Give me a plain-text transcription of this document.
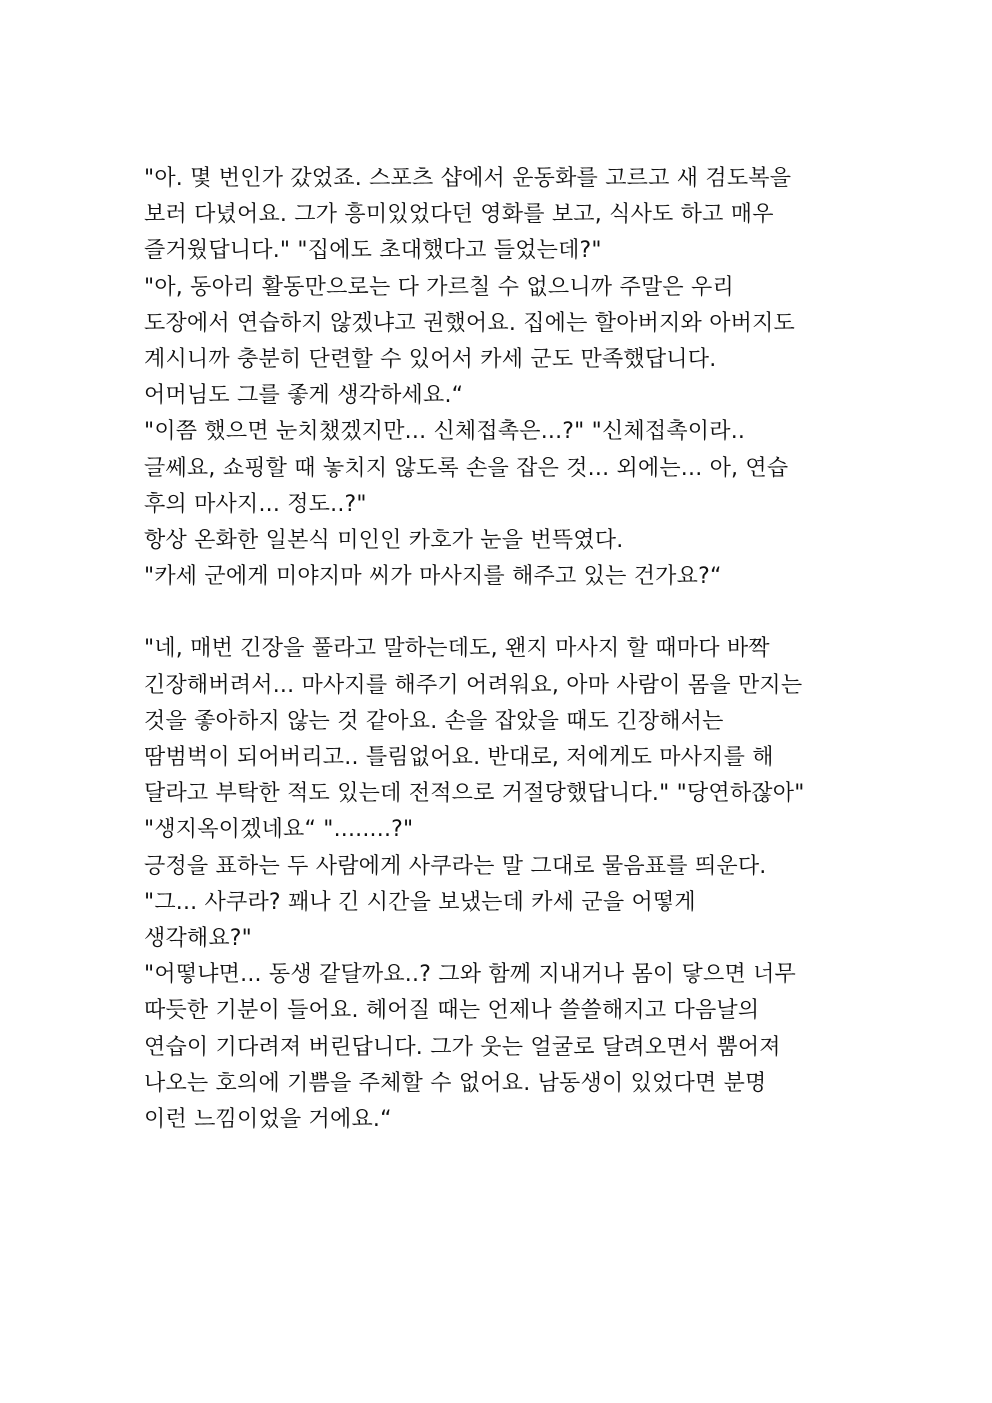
"아. 몇 번인가 갔었죠. 스포츠 샵에서 운동화를 고르고 새 검도복을
보러 다녔어요. 그가 흥미있었다던 영화를 보고, 식사도 하고 매우
즐거웠답니다." "집에도 초대했다고 들었는데?"
"아, 동아리 활동만으로는 다 가르칠 수 없으니까 주말은 우리
도장에서 연습하지 않겠냐고 권했어요. 집에는 할아버지와 아버지도
계시니까 충분히 단련할 수 있어서 카세 군도 만족했답니다.
어머님도 그를 좋게 생각하세요.“
"이쯤 했으면 눈치챘겠지만... 신체접촉은...?" "신체접촉이라..
글쎄요, 쇼핑할 때 놓치지 않도록 손을 잡은 것... 외에는... 아, 연습
후의 마사지... 정도..?"
항상 온화한 일본식 미인인 카호가 눈을 번뜩였다.
"카세 군에게 미야지마 씨가 마사지를 해주고 있는 건가요?“
"네, 매번 긴장을 풀라고 말하는데도, 왠지 마사지 할 때마다 바짝
긴장해버려서... 마사지를 해주기 어려워요, 아마 사람이 몸을 만지는
것을 좋아하지 않는 것 같아요. 손을 잡았을 때도 긴장해서는
땀범벅이 되어버리고.. 틀림없어요. 반대로, 저에게도 마사지를 해
달라고 부탁한 적도 있는데 전적으로 거절당했답니다." "당연하잖아"
"생지옥이겠네요“ "........?"
긍정을 표하는 두 사람에게 사쿠라는 말 그대로 물음표를 띄운다.
"그... 사쿠라? 꽤나 긴 시간을 보냈는데 카세 군을 어떻게
생각해요?"
"어떻냐면... 동생 같달까요..? 그와 함께 지내거나 몸이 닿으면 너무
따듯한 기분이 들어요. 헤어질 때는 언제나 쓸쓸해지고 다음날의
연습이 기다려져 버린답니다. 그가 웃는 얼굴로 달려오면서 뿜어져
나오는 호의에 기쁨을 주체할 수 없어요. 남동생이 있었다면 분명
이런 느낌이었을 거에요.“
